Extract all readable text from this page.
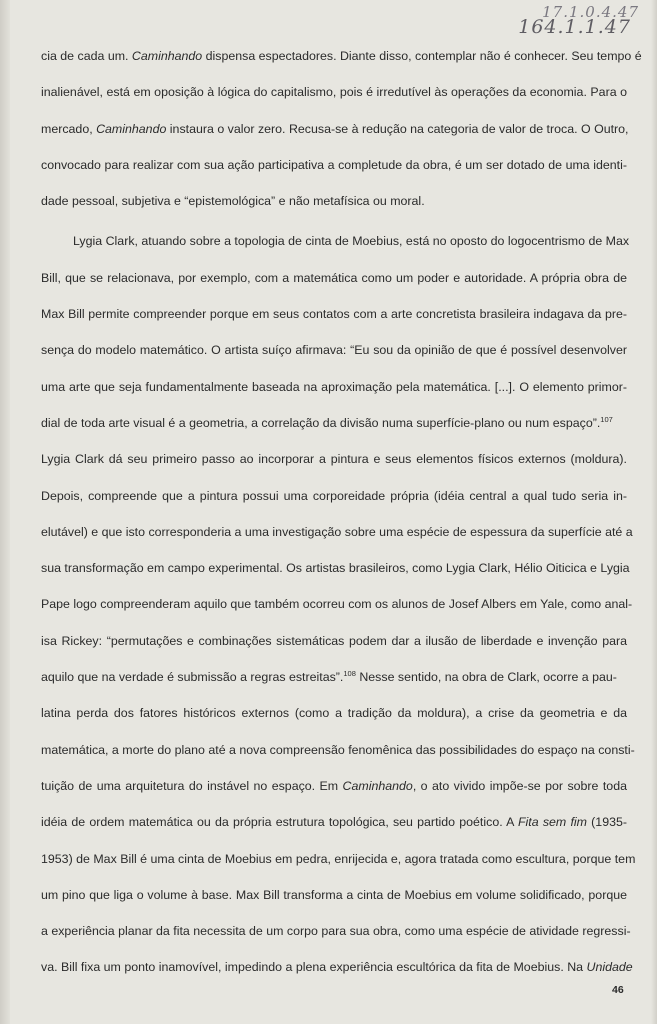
17.1.0.4.47
164.1.1.47
cia de cada um. Caminhando dispensa espectadores. Diante disso, contemplar não é conhecer. Seu tempo é
inalienável, está em oposição à lógica do capitalismo, pois é irredutível às operações da economia. Para o
mercado, Caminhando instaura o valor zero. Recusa-se à redução na categoria de valor de troca. O Outro,
convocado para realizar com sua ação participativa a completude da obra, é um ser dotado de uma identi-
dade pessoal, subjetiva e “epistemológica” e não metafísica ou moral.
Lygia Clark, atuando sobre a topologia de cinta de Moebius, está no oposto do logocentrismo de Max
Bill, que se relacionava, por exemplo, com a matemática como um poder e autoridade. A própria obra de
Max Bill permite compreender porque em seus contatos com a arte concretista brasileira indagava da pre-
sença do modelo matemático. O artista suíço afirmava: “Eu sou da opinião de que é possível desenvolver
uma arte que seja fundamentalmente baseada na aproximação pela matemática. [...]. O elemento primor-
dial de toda arte visual é a geometria, a correlação da divisão numa superfície-plano ou num espaço”.$^{107}$
Lygia Clark dá seu primeiro passo ao incorporar a pintura e seus elementos físicos externos (moldura).
Depois, compreende que a pintura possui uma corporeidade própria (idéia central a qual tudo seria in-
elutável) e que isto corresponderia a uma investigação sobre uma espécie de espessura da superfície até a
sua transformação em campo experimental. Os artistas brasileiros, como Lygia Clark, Hélio Oiticica e Lygia
Pape logo compreenderam aquilo que também ocorreu com os alunos de Josef Albers em Yale, como anal-
isa Rickey: “permutações e combinações sistemáticas podem dar a ilusão de liberdade e invenção para
aquilo que na verdade é submissão a regras estreitas”.$^{108}$ Nesse sentido, na obra de Clark, ocorre a pau-
latina perda dos fatores históricos externos (como a tradição da moldura), a crise da geometria e da
matemática, a morte do plano até a nova compreensão fenomênica das possibilidades do espaço na consti-
tuição de uma arquitetura do instável no espaço. Em Caminhando, o ato vivido impõe-se por sobre toda
idéia de ordem matemática ou da própria estrutura topológica, seu partido poético. A Fita sem fim (1935-
1953) de Max Bill é uma cinta de Moebius em pedra, enrijecida e, agora tratada como escultura, porque tem
um pino que liga o volume à base. Max Bill transforma a cinta de Moebius em volume solidificado, porque
a experiência planar da fita necessita de um corpo para sua obra, como uma espécie de atividade regressi-
va. Bill fixa um ponto inamovível, impedindo a plena experiência escultórica da fita de Moebius. Na Unidade
46
